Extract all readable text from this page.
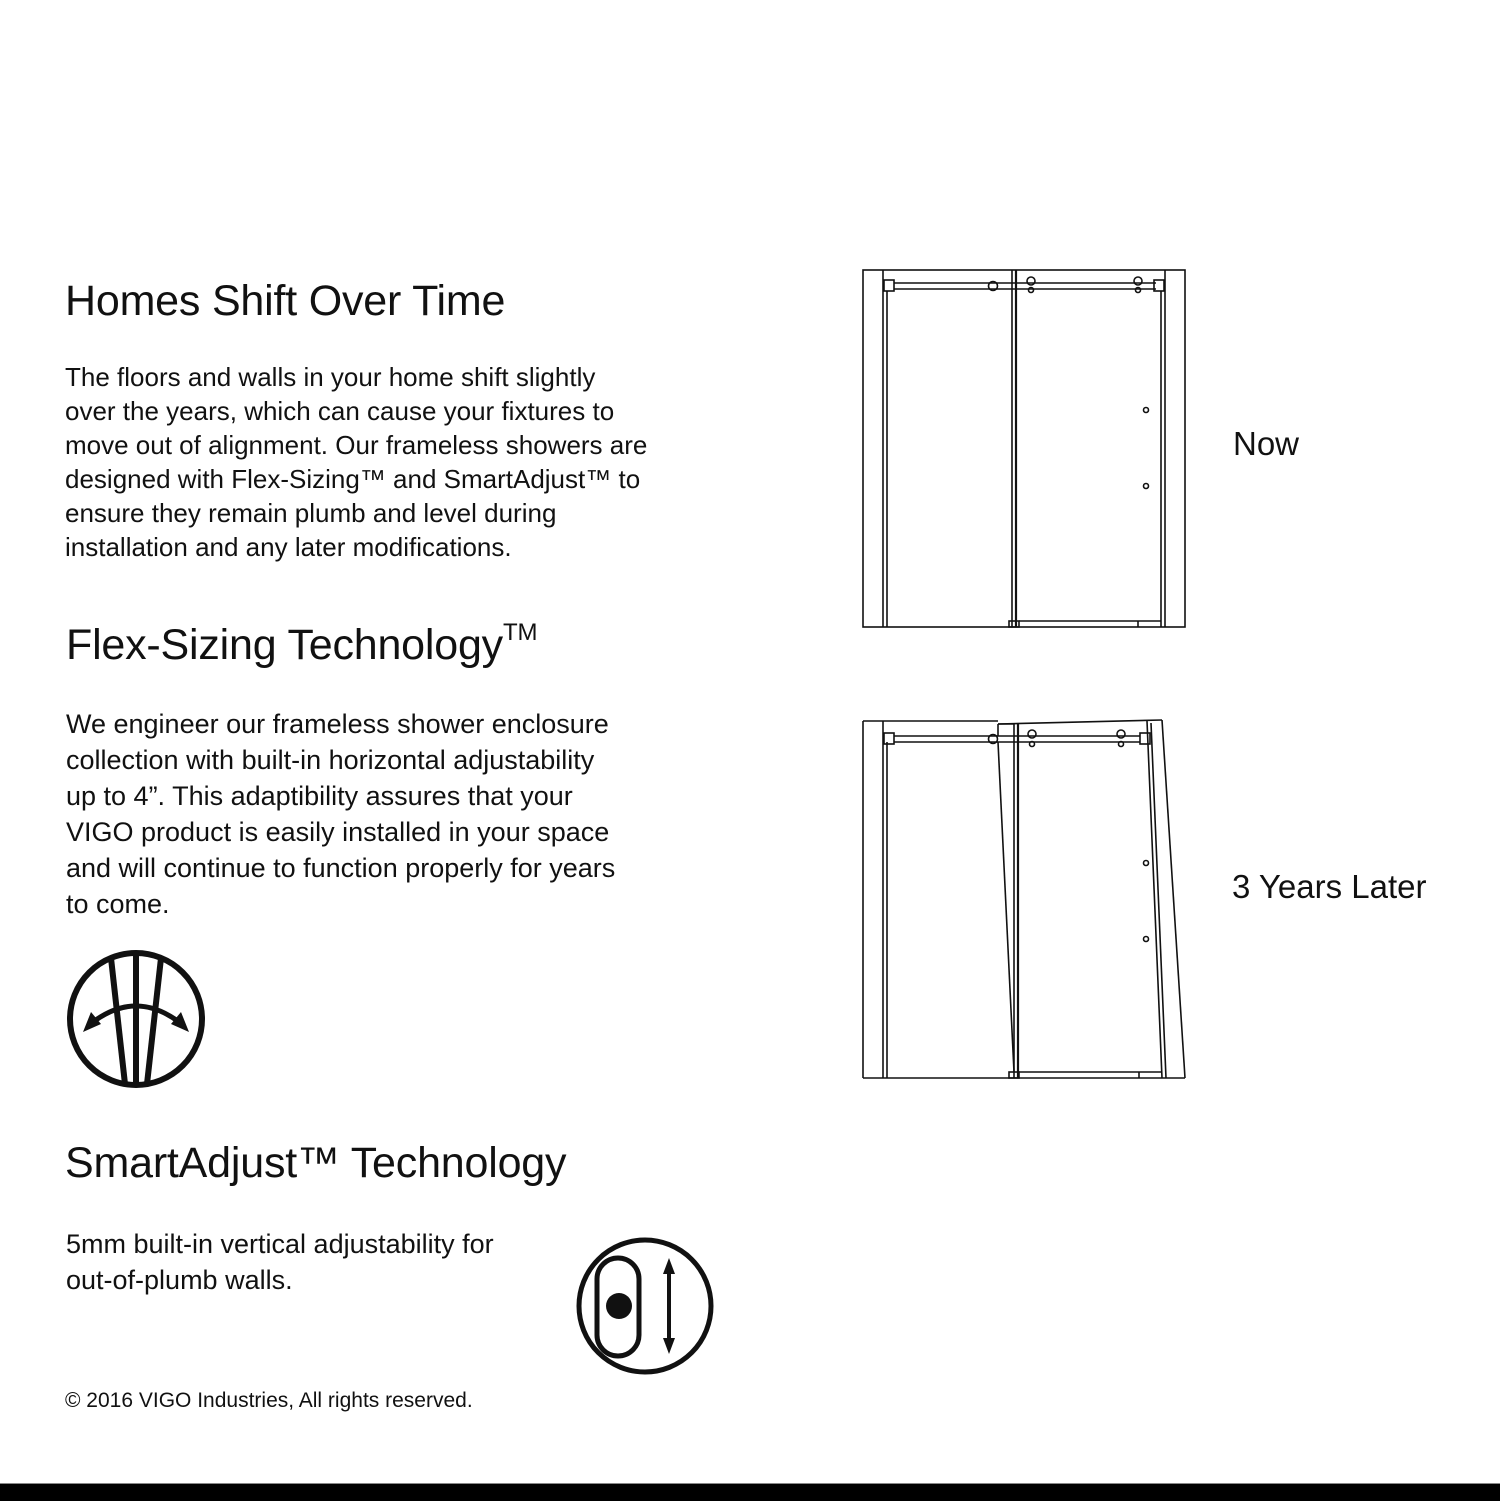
Homes Shift Over Time

The floors and walls in your home shift slightly
over the years, which can cause your fixtures to
move out of alignment. Our frameless showers are
designed with Flex-Sizing™ and SmartAdjust™ to
ensure they remain plumb and level during
installation and any later modifications.

Flex-Sizing Technology™

We engineer our frameless shower enclosure
collection with built-in horizontal adjustability
up to 4”. This adaptibility assures that your
VIGO product is easily installed in your space
and will continue to function properly for years
to come.

SmartAdjust™ Technology

5mm built-in vertical adjustability for
out-of-plumb walls.

© 2016 VIGO Industries, All rights reserved.
Now
3 Years Later
